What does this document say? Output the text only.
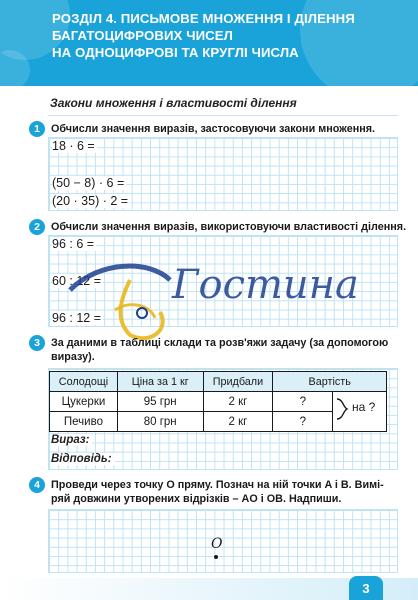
РОЗДІЛ 4. ПИСЬМОВЕ МНОЖЕННЯ І ДІЛЕННЯ
БАГАТОЦИФРОВИХ ЧИСЕЛ
НА ОДНОЦИФРОВІ ТА КРУГЛІ ЧИСЛА
Закони множення і властивості ділення
1	Обчисли значення виразів, застосовуючи закони множення.
18 · 6 =
(50 − 8) · 6 =
(20 · 35) · 2 =
2	Обчисли значення виразів, використовуючи властивості ділення.
96 : 6 =
60 : 12 =
96 : 12 =
Гостина
3	За даними в таблиці склади та розв'яжи задачу (за допомогою
виразу).
Солодощі	Ціна за 1 кг	Придбали	Вартість	
Цукерки	95 грн	2 кг	?	
Печиво	80 грн	2 кг	?	
на ?
Вираз:
Відповідь:
4	Проведи через точку O пряму. Познач на ній точки A і B. Вимі-
ряй довжини утворених відрізків – AO і OB. Надпиши.
O
3
